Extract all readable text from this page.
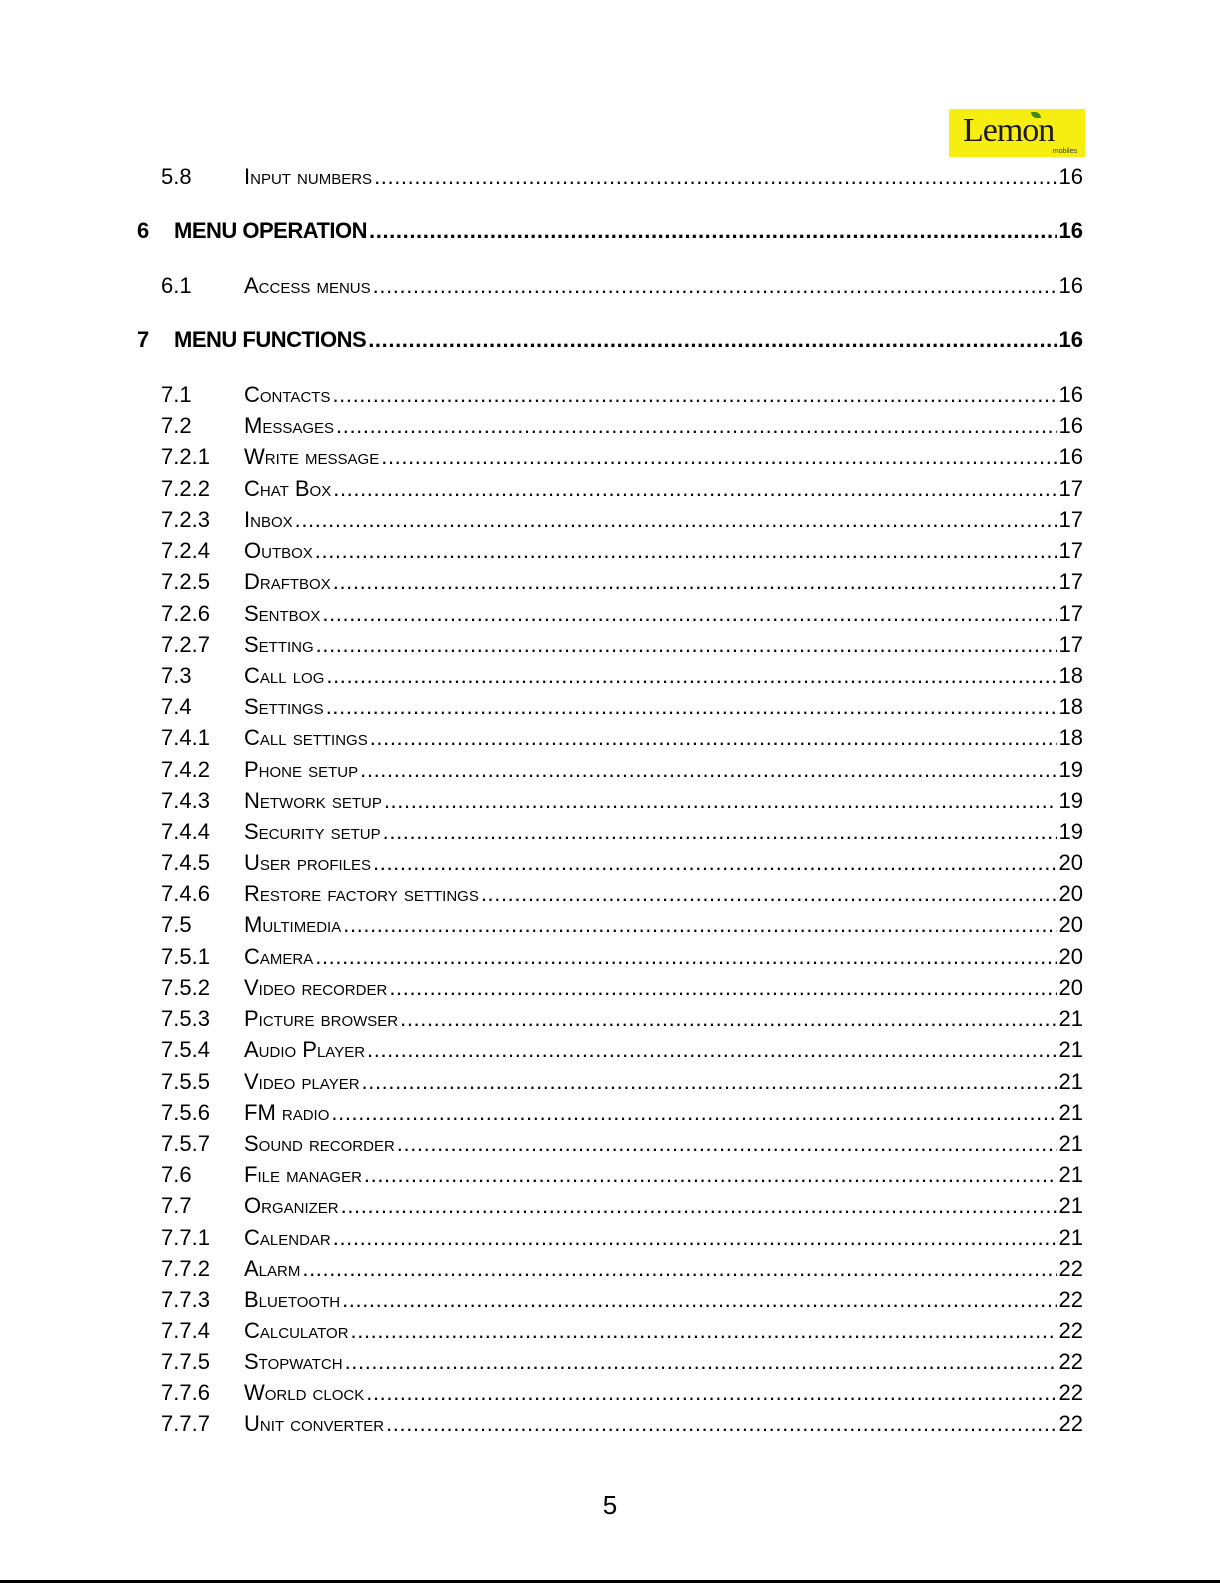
Lemon
mobiles
5.8	Input numbers .....	16
6	MENU OPERATION .....	16
6.1	Access menus .....	16
7	MENU FUNCTIONS .....	16
7.1	Contacts .....	16
7.2	Messages .....	16
7.2.1	Write message .....	16
7.2.2	Chat Box .....	17
7.2.3	Inbox .....	17
7.2.4	Outbox .....	17
7.2.5	Draftbox .....	17
7.2.6	Sentbox .....	17
7.2.7	Setting .....	17
7.3	Call log .....	18
7.4	Settings .....	18
7.4.1	Call settings .....	18
7.4.2	Phone setup .....	19
7.4.3	Network setup .....	19
7.4.4	Security setup .....	19
7.4.5	User profiles .....	20
7.4.6	Restore factory settings .....	20
7.5	Multimedia .....	20
7.5.1	Camera .....	20
7.5.2	Video recorder .....	20
7.5.3	Picture browser .....	21
7.5.4	Audio Player .....	21
7.5.5	Video player .....	21
7.5.6	FM radio .....	21
7.5.7	Sound recorder .....	21
7.6	File manager .....	21
7.7	Organizer .....	21
7.7.1	Calendar .....	21
7.7.2	Alarm .....	22
7.7.3	Bluetooth .....	22
7.7.4	Calculator .....	22
7.7.5	Stopwatch .....	22
7.7.6	World clock .....	22
7.7.7	Unit converter .....	22
5
